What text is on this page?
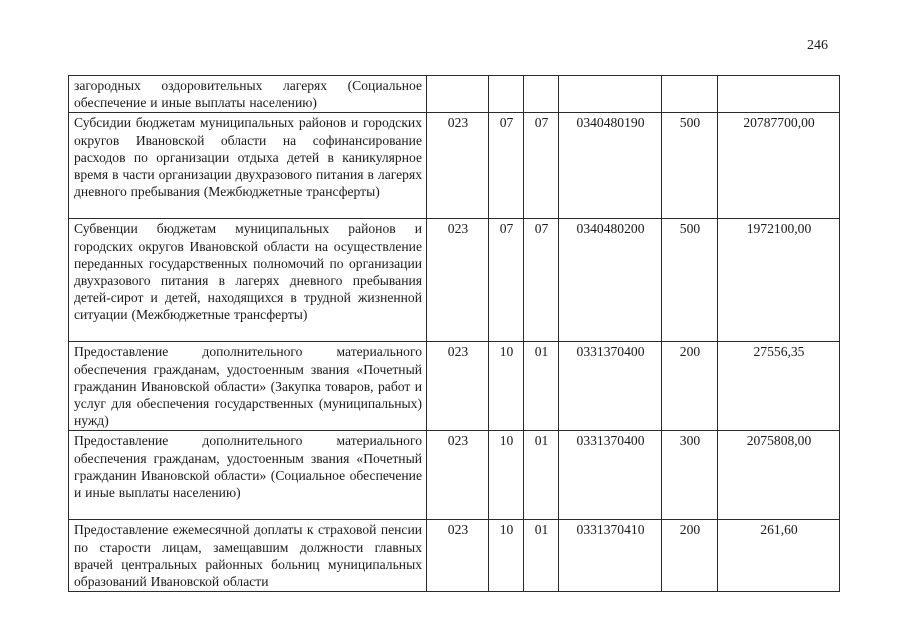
246
загородных оздоровительных лагерях (Социальное обеспечение и иные выплаты населению)						
Субсидии бюджетам муниципальных районов и городских округов Ивановской области на софинансирование расходов по организации отдыха детей в каникулярное время в части организации двухразового питания в лагерях дневного пребывания (Межбюджетные трансферты)	023	07	07	0340480190	500	20787700,00
Субвенции бюджетам муниципальных районов и городских округов Ивановской области на осуществление переданных государственных полномочий по организации двухразового питания в лагерях дневного пребывания детей-сирот и детей, находящихся в трудной жизненной ситуации (Межбюджетные трансферты)	023	07	07	0340480200	500	1972100,00
Предоставление дополнительного материального обеспечения гражданам, удостоенным звания «Почетный гражданин Ивановской области» (Закупка товаров, работ и услуг для обеспечения государственных (муниципальных) нужд)	023	10	01	0331370400	200	27556,35
Предоставление дополнительного материального обеспечения гражданам, удостоенным звания «Почетный гражданин Ивановской области» (Социальное обеспечение и иные выплаты населению)	023	10	01	0331370400	300	2075808,00
Предоставление ежемесячной доплаты к страховой пенсии по старости лицам, замещавшим должности главных врачей центральных районных больниц муниципальных образований Ивановской области	023	10	01	0331370410	200	261,60
